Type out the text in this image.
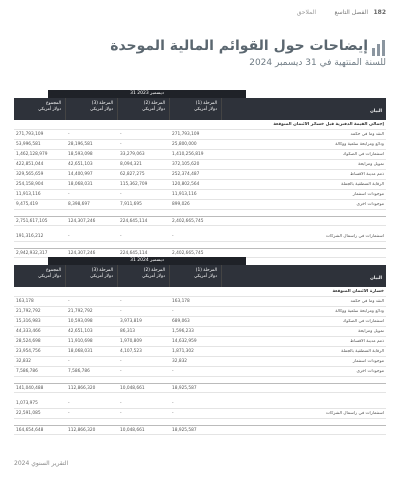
182
الفصل التاسع
الملاحق
إيضاحات حول القوائم المالية الموحدة
للسنة المنتهية في 31 ديسمبر 2024
31 ديسمبر 2023
المجموع
دولار أمريكي
المرحلة (3)
دولار أمريكي
المرحلة (2)
دولار أمريكي
المرحلة (1)
دولار أمريكي	البيان
إجمالي القيمة الدفترية قبل خسائر الائتمان المتوقعة
271,793,109	-	-	271,793,109	النقد وما في حكمه
53,996,581	28,196,581	-	25,800,000	ودائع ومرابحة سلعية ووكالة
1,462,128,979	18,593,098	33,279,063	1,410,256,819	استثمارات في الصكوك
422,851,044	42,651,103	8,094,321	372,105,620	تمويل ومرابحة
329,565,659	14,400,997	62,827,275	252,374,487	ذمم مدينة الأقساط
254,158,904	18,068,031	115,362,709	120,802,564	الرقابة المنطقية بالجملة
11,913,116	-	-	11,913,116	موجودات استثمار
9,475,419	8,398,697	7,911,695	899,026	موجودات أخرى
2,751,617,105	124,307,246	224,645,114	2,402,665,745
191,316,212	-	-	-	استثمارات في رأسمال الشركات
2,942,932,317	124,307,246	224,645,114	2,402,665,745
31 ديسمبر 2024
المجموع
دولار أمريكي
المرحلة (3)
دولار أمريكي
المرحلة (2)
دولار أمريكي
المرحلة (1)
دولار أمريكي	البيان
خسارة الائتمان المتوقعة
163,178	-	-	163,178	النقد وما في حكمه
21,792,792	21,792,792	-	-	ودائع ومرابحة سلعية ووكالة
15,316,983	10,593,098	3,973,819	689,063	استثمارات في الصكوك
44,333,466	42,651,103	86,313	1,596,233	تمويل ومرابحة
28,524,698	11,910,698	1,970,809	14,632,959	ذمم مدينة الأقساط
23,954,756	18,068,031	4,107,523	1,871,302	الرقابة المنطقية بالجملة
32,832	-	-	32,832	موجودات استثمار
7,586,786	7,586,786	-	-	موجودات أخرى
141,040,488	112,866,320	10,048,661	18,925,587
1,073,975	-	-	-
22,591,085	-	-	-	استثمارات في رأسمال الشركات
164,654,648	112,866,320	10,048,661	18,925,587
التقرير السنوي 2024
